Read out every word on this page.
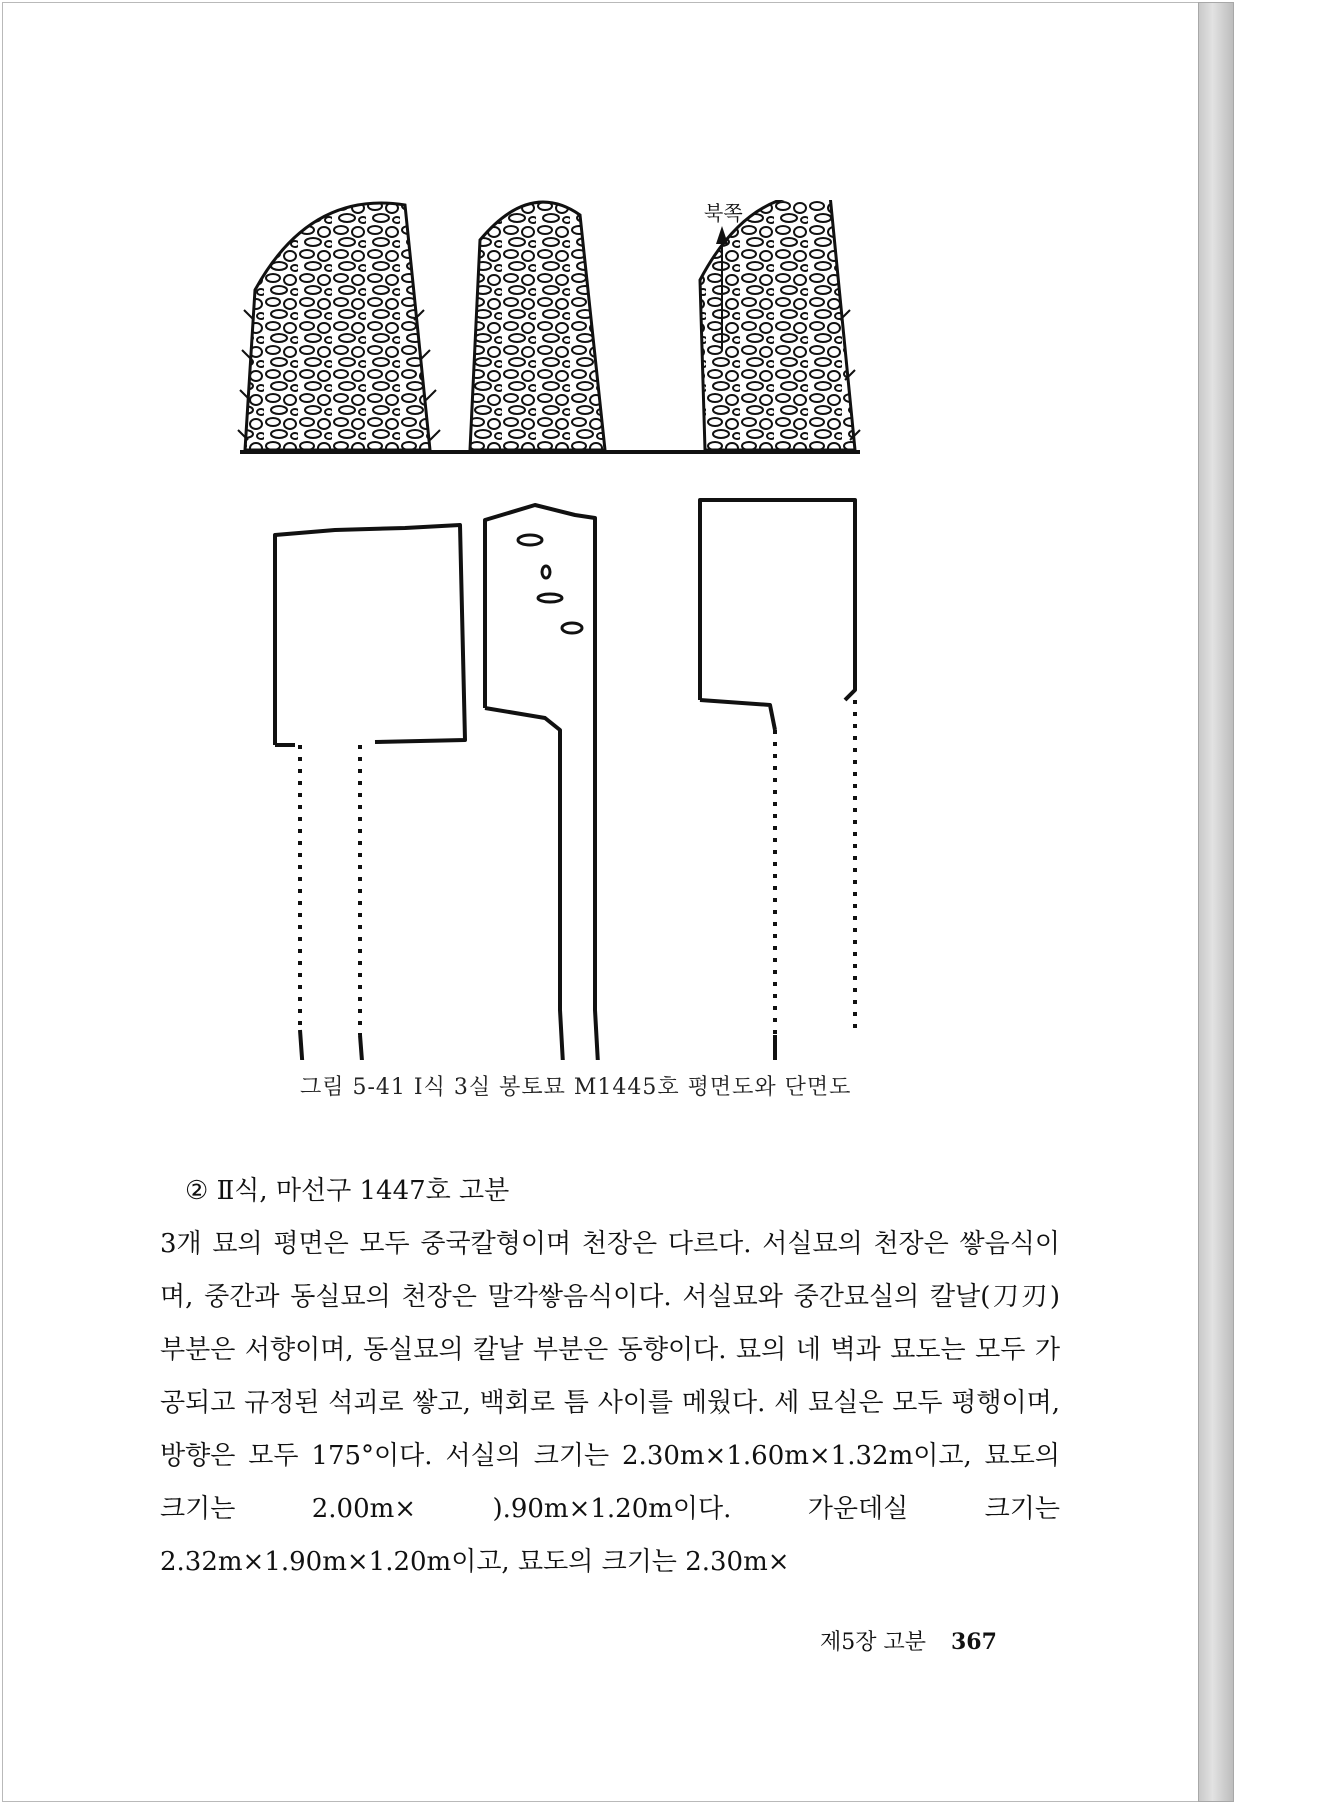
북쪽
그림 5-41 Ⅰ식 3실 봉토묘 M1445호 평면도와 단면도
② Ⅱ식, 마선구 1447호 고분
3개 묘의 평면은 모두 중국칼형이며 천장은 다르다. 서실묘의 천장은 쌓음식이며, 중간과 동실묘의 천장은 말각쌓음식이다. 서실묘와 중간묘실의 칼날(刀刃) 부분은 서향이며, 동실묘의 칼날 부분은 동향이다. 묘의 네 벽과 묘도는 모두 가공되고 규정된 석괴로 쌓고, 백회로 틈 사이를 메웠다. 세 묘실은 모두 평행이며, 방향은 모두 175°이다. 서실의 크기는 2.30m×1.60m×1.32m이고, 묘도의 크기는 2.00m× ).90m×1.20m이다. 가운데실 크기는 2.32m×1.90m×1.20m이고, 묘도의 크기는 2.30m×
제5장 고분 367
